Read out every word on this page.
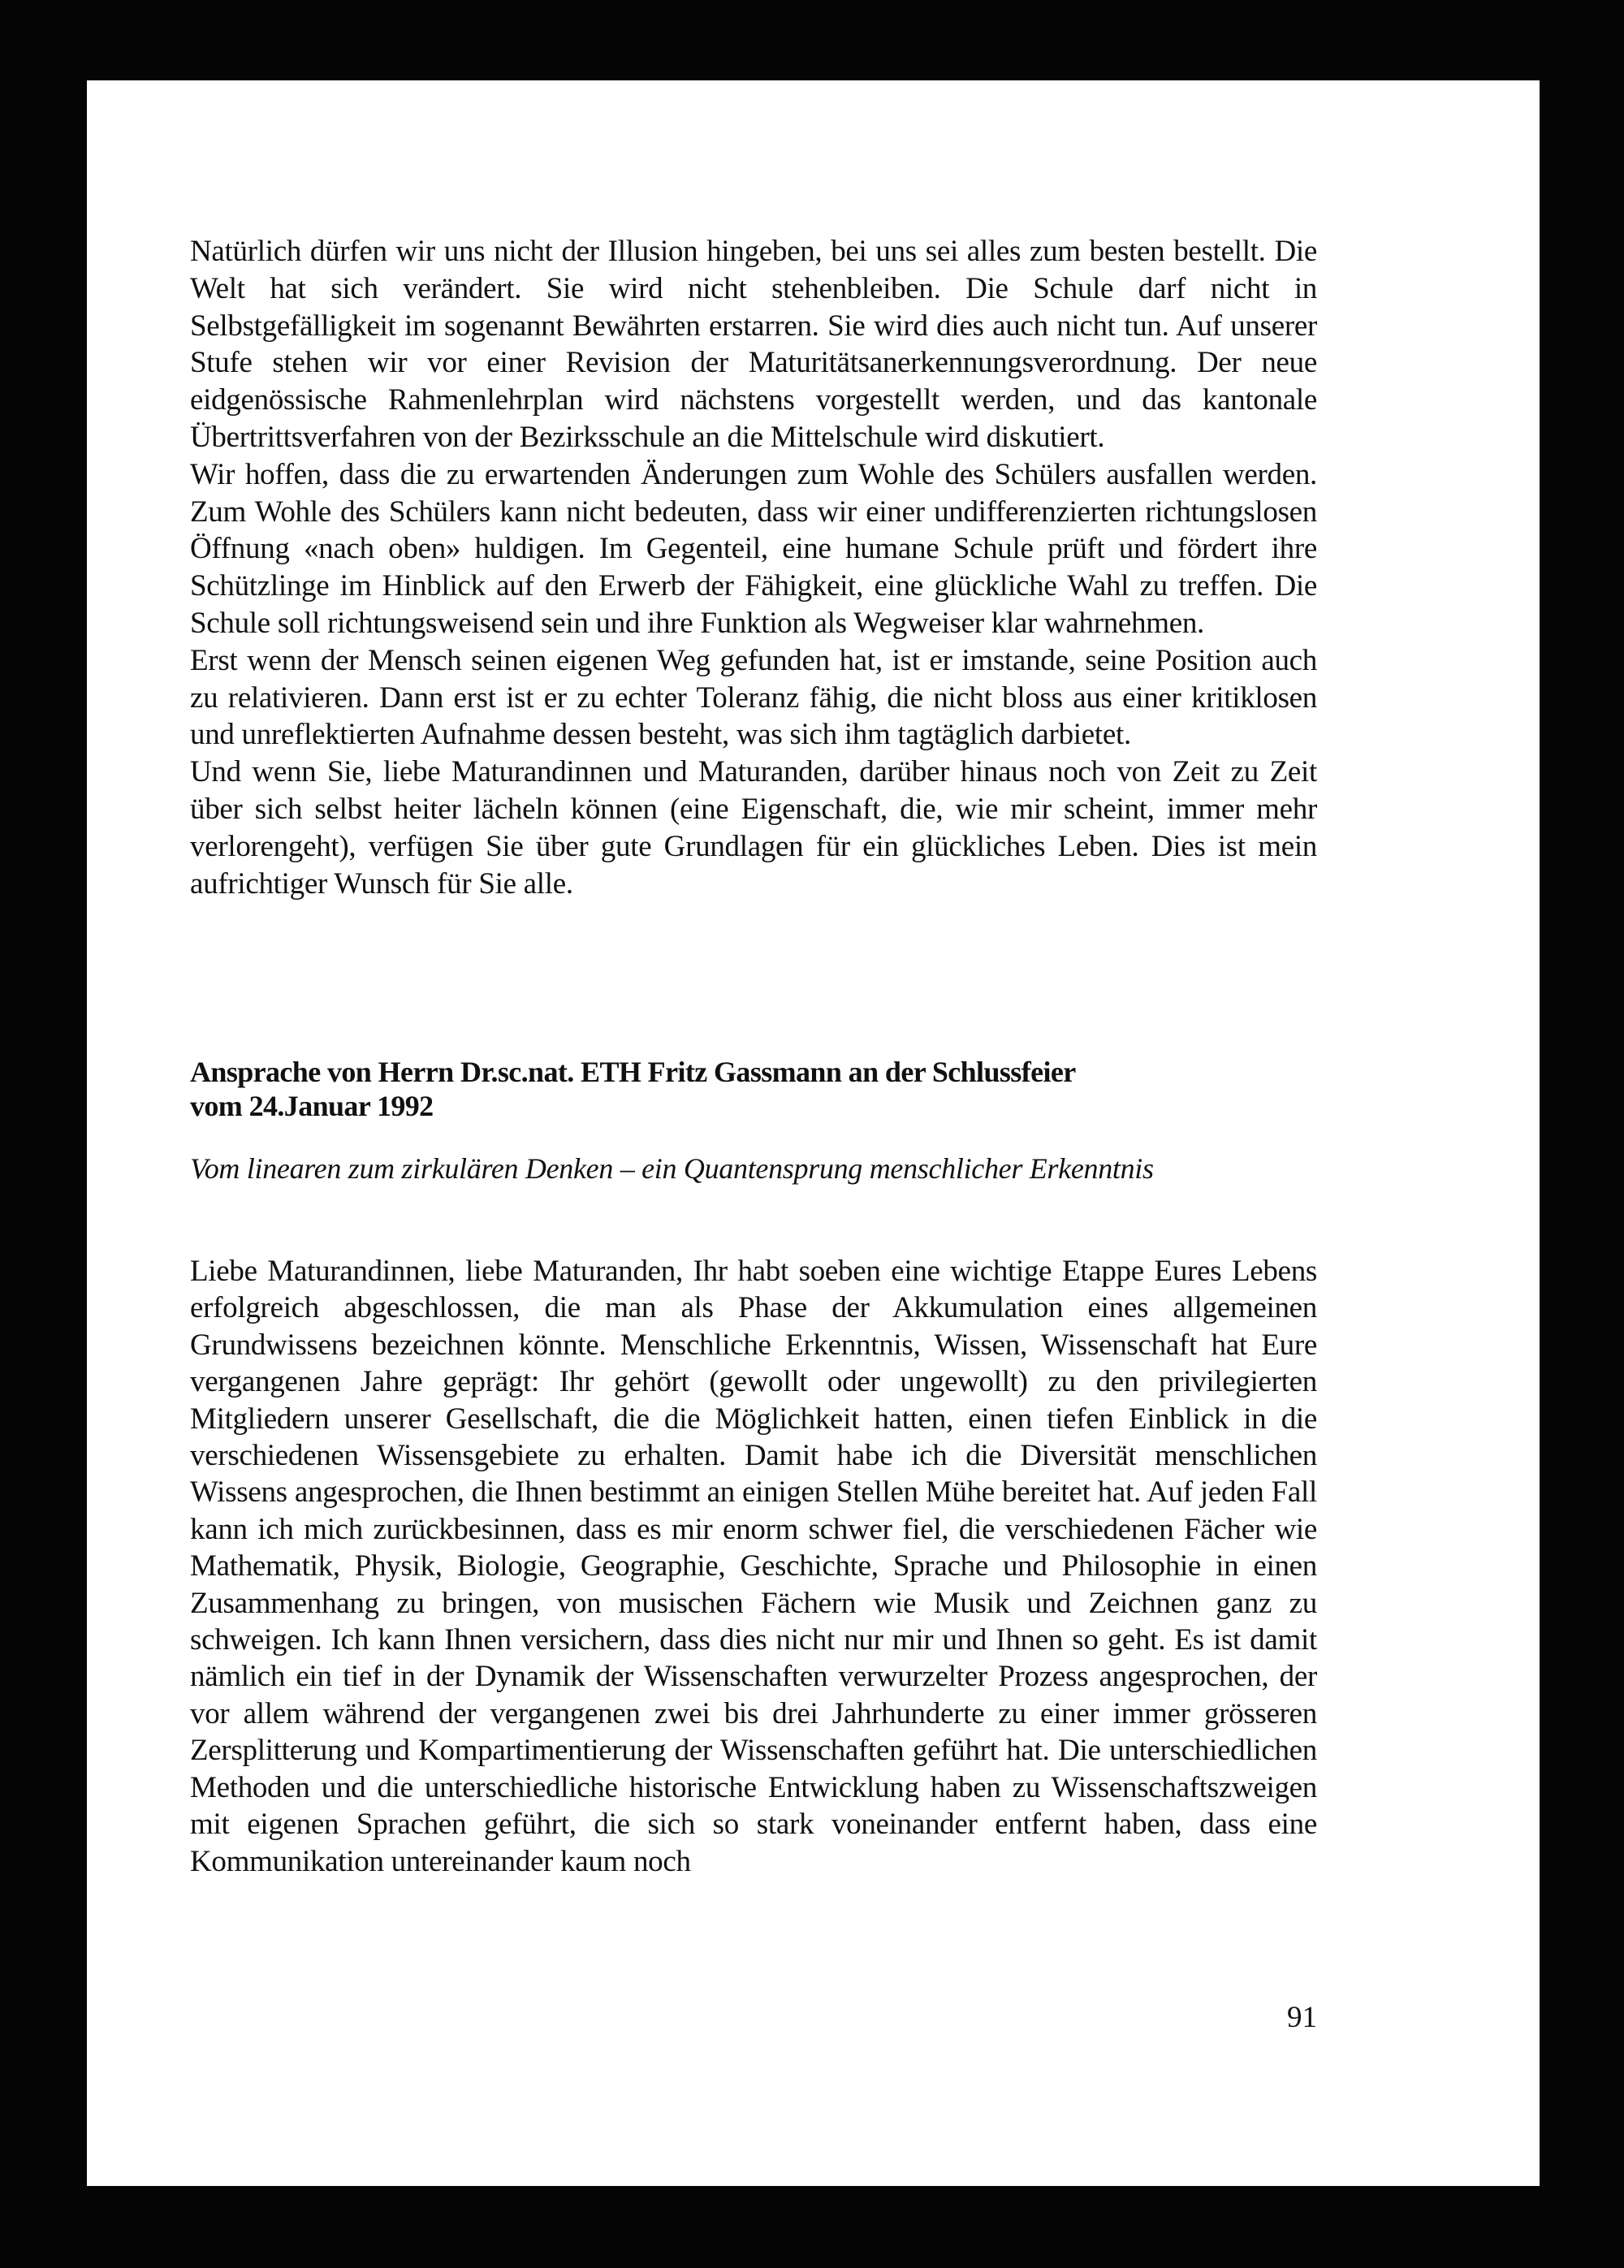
Natürlich dürfen wir uns nicht der Illusion hingeben, bei uns sei alles zum besten bestellt. Die Welt hat sich verändert. Sie wird nicht stehenbleiben. Die Schule darf nicht in Selbstgefälligkeit im sogenannt Bewährten erstarren. Sie wird dies auch nicht tun. Auf unserer Stufe stehen wir vor einer Revision der Maturitätsanerkennungsverordnung. Der neue eidgenössische Rahmenlehrplan wird nächstens vorgestellt werden, und das kantonale Übertrittsverfahren von der Bezirksschule an die Mittelschule wird diskutiert.

Wir hoffen, dass die zu erwartenden Änderungen zum Wohle des Schülers ausfallen werden. Zum Wohle des Schülers kann nicht bedeuten, dass wir einer undifferenzierten richtungslosen Öffnung «nach oben» huldigen. Im Gegenteil, eine humane Schule prüft und fördert ihre Schützlinge im Hinblick auf den Erwerb der Fähigkeit, eine glückliche Wahl zu treffen. Die Schule soll richtungsweisend sein und ihre Funktion als Wegweiser klar wahrnehmen.

Erst wenn der Mensch seinen eigenen Weg gefunden hat, ist er imstande, seine Position auch zu relativieren. Dann erst ist er zu echter Toleranz fähig, die nicht bloss aus einer kritiklosen und unreflektierten Aufnahme dessen besteht, was sich ihm tagtäglich darbietet.

Und wenn Sie, liebe Maturandinnen und Maturanden, darüber hinaus noch von Zeit zu Zeit über sich selbst heiter lächeln können (eine Eigenschaft, die, wie mir scheint, immer mehr verlorengeht), verfügen Sie über gute Grundlagen für ein glückliches Leben. Dies ist mein aufrichtiger Wunsch für Sie alle.

Ansprache von Herrn Dr.sc.nat. ETH Fritz Gassmann an der Schlussfeier
vom 24.Januar 1992
Vom linearen zum zirkulären Denken – ein Quantensprung menschlicher Erkenntnis

Liebe Maturandinnen, liebe Maturanden, Ihr habt soeben eine wichtige Etappe Eures Lebens erfolgreich abgeschlossen, die man als Phase der Akkumulation eines allgemeinen Grundwissens bezeichnen könnte. Menschliche Erkenntnis, Wissen, Wissenschaft hat Eure vergangenen Jahre geprägt: Ihr gehört (gewollt oder ungewollt) zu den privilegierten Mitgliedern unserer Gesellschaft, die die Möglichkeit hatten, einen tiefen Einblick in die verschiedenen Wissensgebiete zu erhalten. Damit habe ich die Diversität menschlichen Wissens angesprochen, die Ihnen bestimmt an einigen Stellen Mühe bereitet hat. Auf jeden Fall kann ich mich zurückbesinnen, dass es mir enorm schwer fiel, die verschiedenen Fächer wie Mathematik, Physik, Biologie, Geographie, Geschichte, Sprache und Philosophie in einen Zusammenhang zu bringen, von musischen Fächern wie Musik und Zeichnen ganz zu schweigen. Ich kann Ihnen versichern, dass dies nicht nur mir und Ihnen so geht. Es ist damit nämlich ein tief in der Dynamik der Wissenschaften verwurzelter Prozess angesprochen, der vor allem während der vergangenen zwei bis drei Jahrhunderte zu einer immer grösseren Zersplitterung und Kompartimentierung der Wissenschaften geführt hat. Die unterschiedlichen Methoden und die unterschiedliche historische Entwicklung haben zu Wissenschaftszweigen mit eigenen Sprachen geführt, die sich so stark voneinander entfernt haben, dass eine Kommunikation untereinander kaum noch

91
